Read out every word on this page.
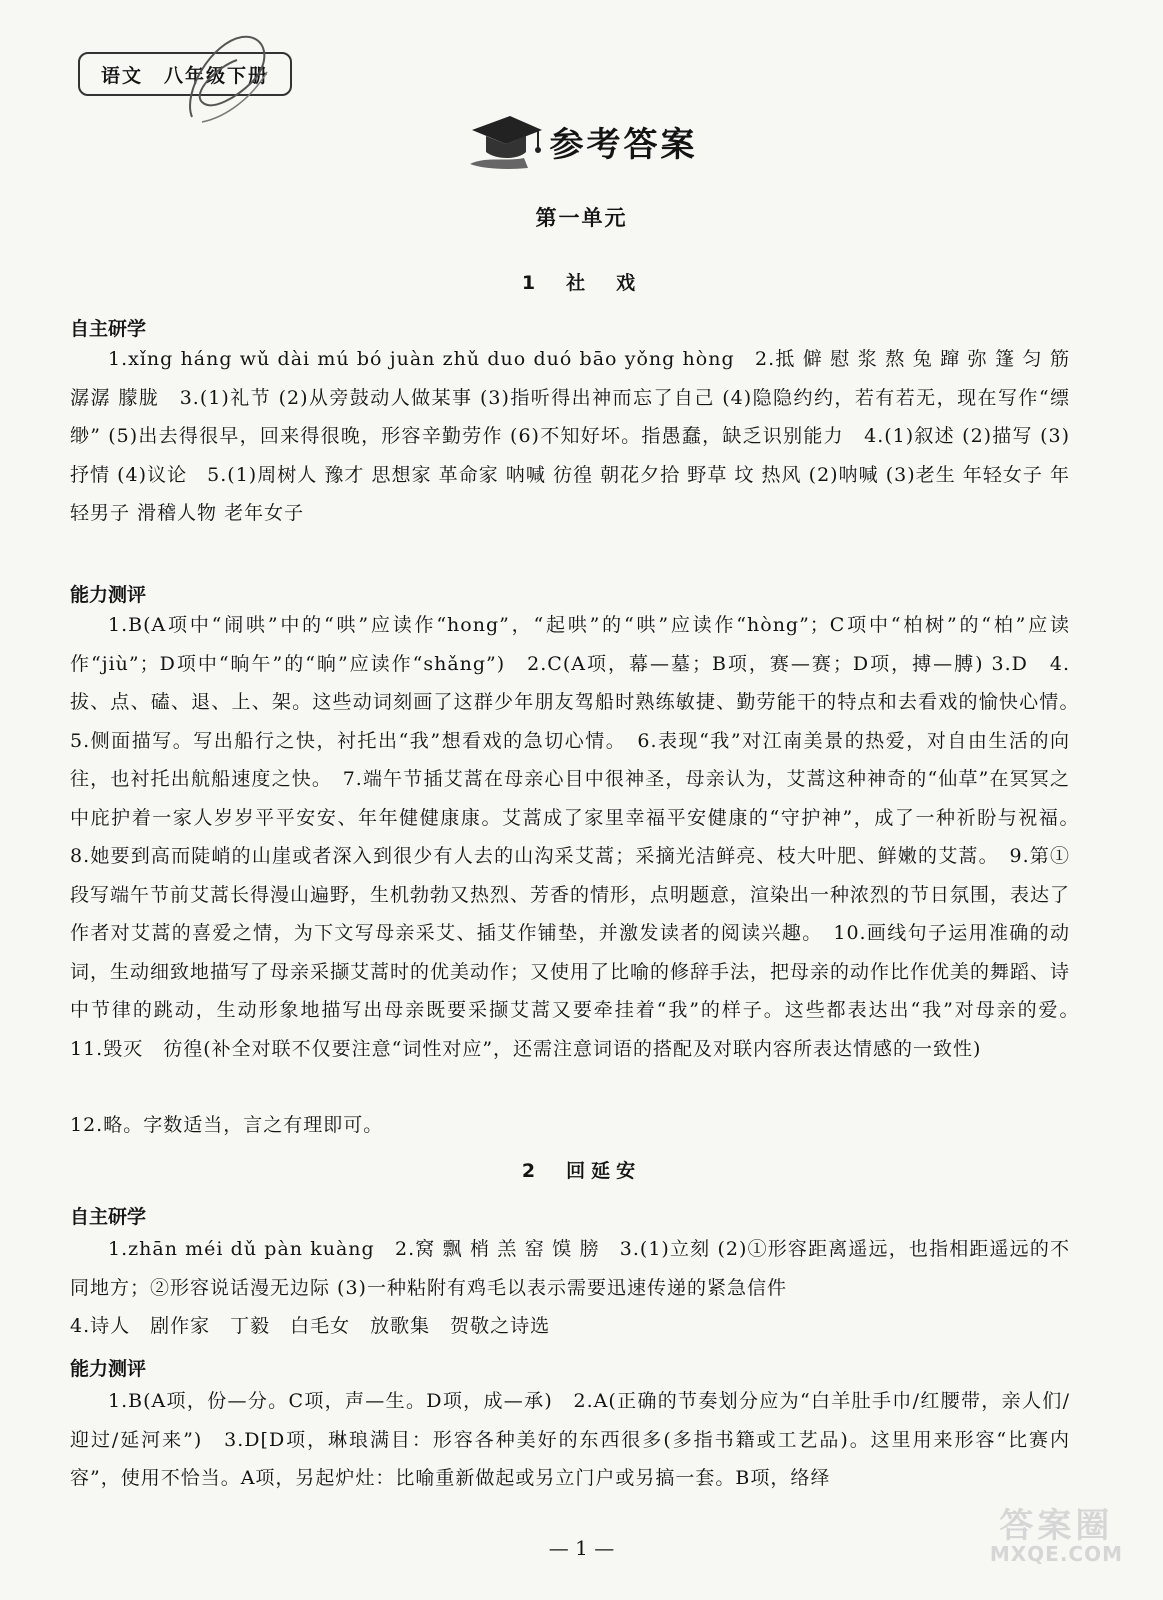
语文　八年级下册
参考答案
第一单元
1　社　戏
自主研学
1.xǐng háng wǔ dài mú bó juàn zhǔ duo duó bāo yǒng hòng　2.抵 僻 慰 浆 熬 兔 蹿 弥 篷 匀 筋 潺潺 朦胧　3.(1)礼节 (2)从旁鼓动人做某事 (3)指听得出神而忘了自己 (4)隐隐约约，若有若无，现在写作“缥缈” (5)出去得很早，回来得很晚，形容辛勤劳作 (6)不知好坏。指愚蠢，缺乏识别能力　4.(1)叙述 (2)描写 (3)抒情 (4)议论　5.(1)周树人 豫才 思想家 革命家 呐喊 彷徨 朝花夕拾 野草 坟 热风 (2)呐喊 (3)老生 年轻女子 年轻男子 滑稽人物 老年女子
能力测评
1.B(A项中“闹哄”中的“哄”应读作“hong”，“起哄”的“哄”应读作“hòng”；C项中“柏树”的“柏”应读作“jiù”；D项中“晌午”的“晌”应读作“shǎng”)　2.C(A项，幕—墓；B项，赛—赛；D项，搏—膊) 3.D　4.拔、点、磕、退、上、架。这些动词刻画了这群少年朋友驾船时熟练敏捷、勤劳能干的特点和去看戏的愉快心情。　5.侧面描写。写出船行之快，衬托出“我”想看戏的急切心情。　6.表现“我”对江南美景的热爱，对自由生活的向往，也衬托出航船速度之快。　7.端午节插艾蒿在母亲心目中很神圣，母亲认为，艾蒿这种神奇的“仙草”在冥冥之中庇护着一家人岁岁平平安安、年年健健康康。艾蒿成了家里幸福平安健康的“守护神”，成了一种祈盼与祝福。　8.她要到高而陡峭的山崖或者深入到很少有人去的山沟采艾蒿；采摘光洁鲜亮、枝大叶肥、鲜嫩的艾蒿。　9.第①段写端午节前艾蒿长得漫山遍野，生机勃勃又热烈、芳香的情形，点明题意，渲染出一种浓烈的节日氛围，表达了作者对艾蒿的喜爱之情，为下文写母亲采艾、插艾作铺垫，并激发读者的阅读兴趣。　10.画线句子运用准确的动词，生动细致地描写了母亲采撷艾蒿时的优美动作；又使用了比喻的修辞手法，把母亲的动作比作优美的舞蹈、诗中节律的跳动，生动形象地描写出母亲既要采撷艾蒿又要牵挂着“我”的样子。这些都表达出“我”对母亲的爱。　11.毁灭　彷徨(补全对联不仅要注意“词性对应”，还需注意词语的搭配及对联内容所表达情感的一致性)
12.略。字数适当，言之有理即可。
2　回延安
自主研学
1.zhān méi dǔ pàn kuàng　2.窝 飘 梢 羔 窑 馍 膀　3.(1)立刻 (2)①形容距离遥远，也指相距遥远的不同地方；②形容说话漫无边际 (3)一种粘附有鸡毛以表示需要迅速传递的紧急信件
4.诗人　剧作家　丁毅　白毛女　放歌集　贺敬之诗选
能力测评
1.B(A项，份—分。C项，声—生。D项，成—承)　2.A(正确的节奏划分应为“白羊肚手巾/红腰带，亲人们/迎过/延河来”)　3.D[D项，琳琅满目：形容各种美好的东西很多(多指书籍或工艺品)。这里用来形容“比赛内容”，使用不恰当。A项，另起炉灶：比喻重新做起或另立门户或另搞一套。B项，络绎
— 1 —
答案圈
MXQE.COM
